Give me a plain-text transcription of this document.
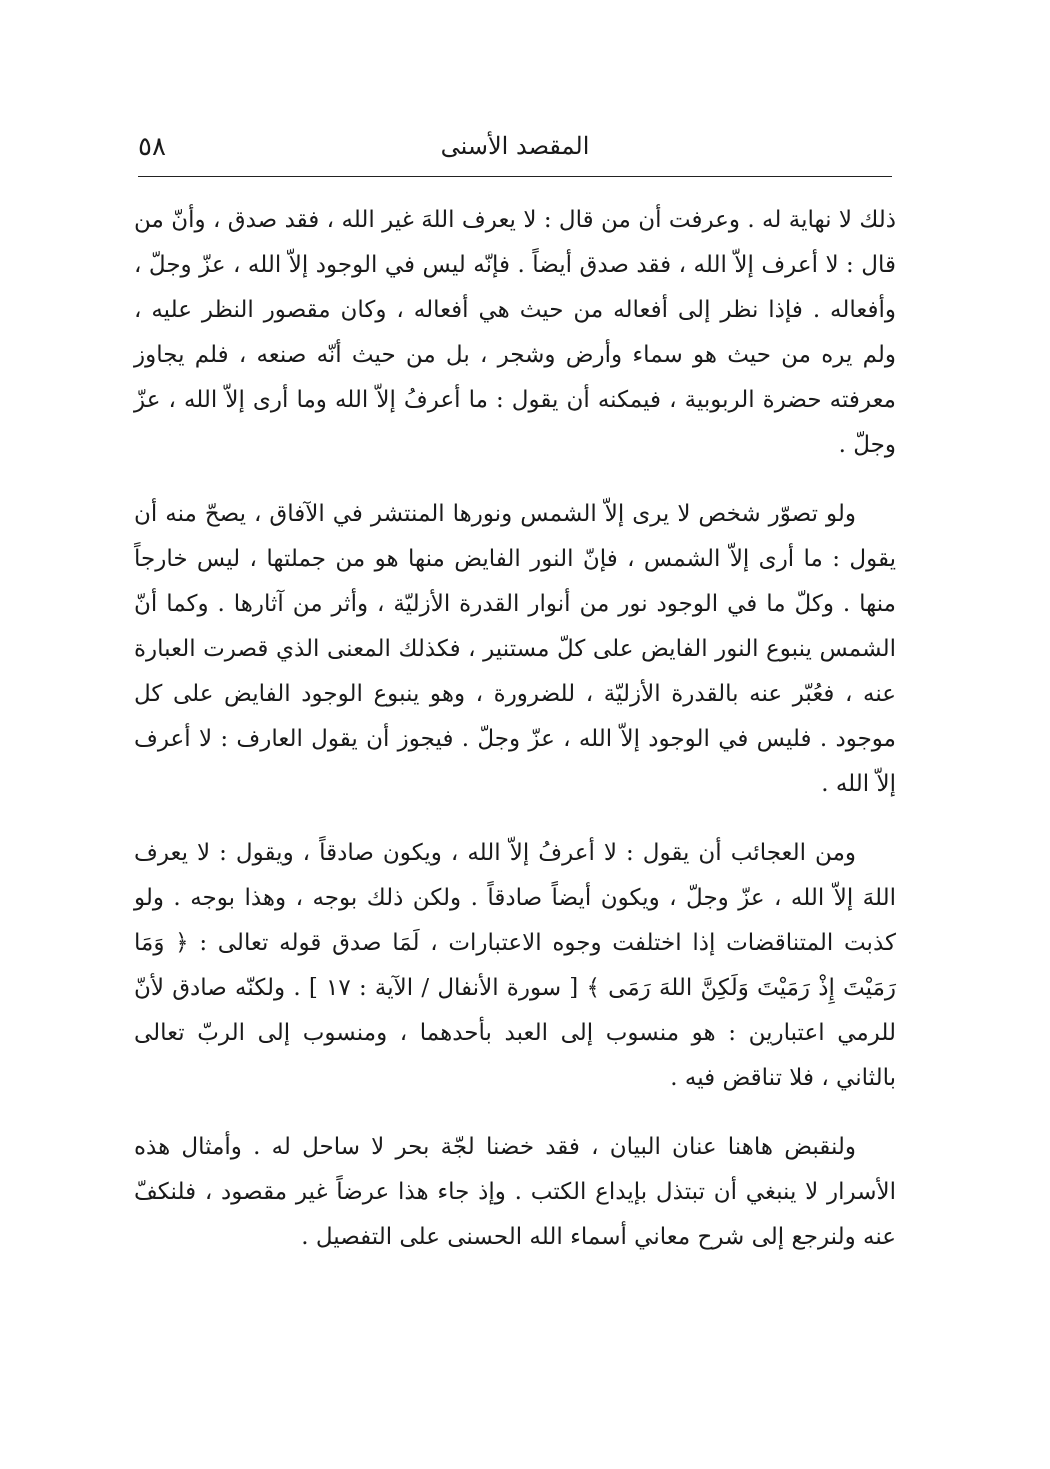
٥٨	المقصد الأسنى

ذلك لا نهاية له . وعرفت أن من قال : لا يعرف اللهَ غير الله ، فقد صدق ، وأنّ من قال : لا أعرف إلاّ الله ، فقد صدق أيضاً . فإنّه ليس في الوجود إلاّ الله ، عزّ وجلّ ، وأفعاله . فإذا نظر إلى أفعاله من حيث هي أفعاله ، وكان مقصور النظر عليه ، ولم يره من حيث هو سماء وأرض وشجر ، بل من حيث أنّه صنعه ، فلم يجاوز معرفته حضرة الربوبية ، فيمكنه أن يقول : ما أعرفُ إلاّ الله وما أرى إلاّ الله ، عزّ وجلّ .

ولو تصوّر شخص لا يرى إلاّ الشمس ونورها المنتشر في الآفاق ، يصحّ منه أن يقول : ما أرى إلاّ الشمس ، فإنّ النور الفايض منها هو من جملتها ، ليس خارجاً منها . وكلّ ما في الوجود نور من أنوار القدرة الأزليّة ، وأثر من آثارها . وكما أنّ الشمس ينبوع النور الفايض على كلّ مستنير ، فكذلك المعنى الذي قصرت العبارة عنه ، فعُبّر عنه بالقدرة الأزليّة ، للضرورة ، وهو ينبوع الوجود الفايض على كل موجود . فليس في الوجود إلاّ الله ، عزّ وجلّ . فيجوز أن يقول العارف : لا أعرف إلاّ الله .

ومن العجائب أن يقول : لا أعرفُ إلاّ الله ، ويكون صادقاً ، ويقول : لا يعرف اللهَ إلاّ الله ، عزّ وجلّ ، ويكون أيضاً صادقاً . ولكن ذلك بوجه ، وهذا بوجه . ولو كذبت المتناقضات إذا اختلفت وجوه الاعتبارات ، لَمَا صدق قوله تعالى : ﴿ وَمَا رَمَيْتَ إِذْ رَمَيْتَ وَلَكِنَّ اللهَ رَمَى ﴾ [ سورة الأنفال / الآية : ١٧ ] . ولكنّه صادق لأنّ للرمي اعتبارين : هو منسوب إلى العبد بأحدهما ، ومنسوب إلى الربّ تعالى بالثاني ، فلا تناقض فيه .

ولنقبض هاهنا عنان البيان ، فقد خضنا لجّة بحر لا ساحل له . وأمثال هذه الأسرار لا ينبغي أن تبتذل بإيداع الكتب . وإذ جاء هذا عرضاً غير مقصود ، فلنكفّ عنه ولنرجع إلى شرح معاني أسماء الله الحسنى على التفصيل .
